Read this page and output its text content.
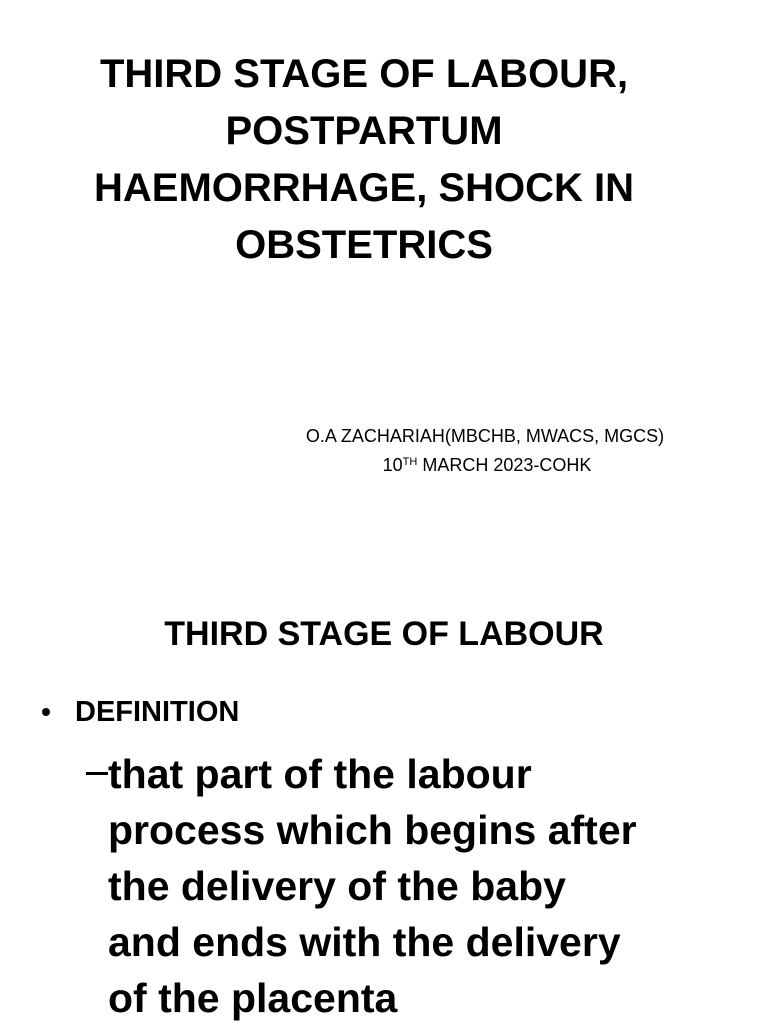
THIRD STAGE OF LABOUR,
POSTPARTUM
HAEMORRHAGE, SHOCK IN
OBSTETRICS
O.A ZACHARIAH(MBCHB, MWACS, MGCS)
10TH MARCH 2023-COHK
THIRD STAGE OF LABOUR
DEFINITION

that part of the labour
process which begins after
the delivery of the baby
and ends with the delivery
of the placenta
